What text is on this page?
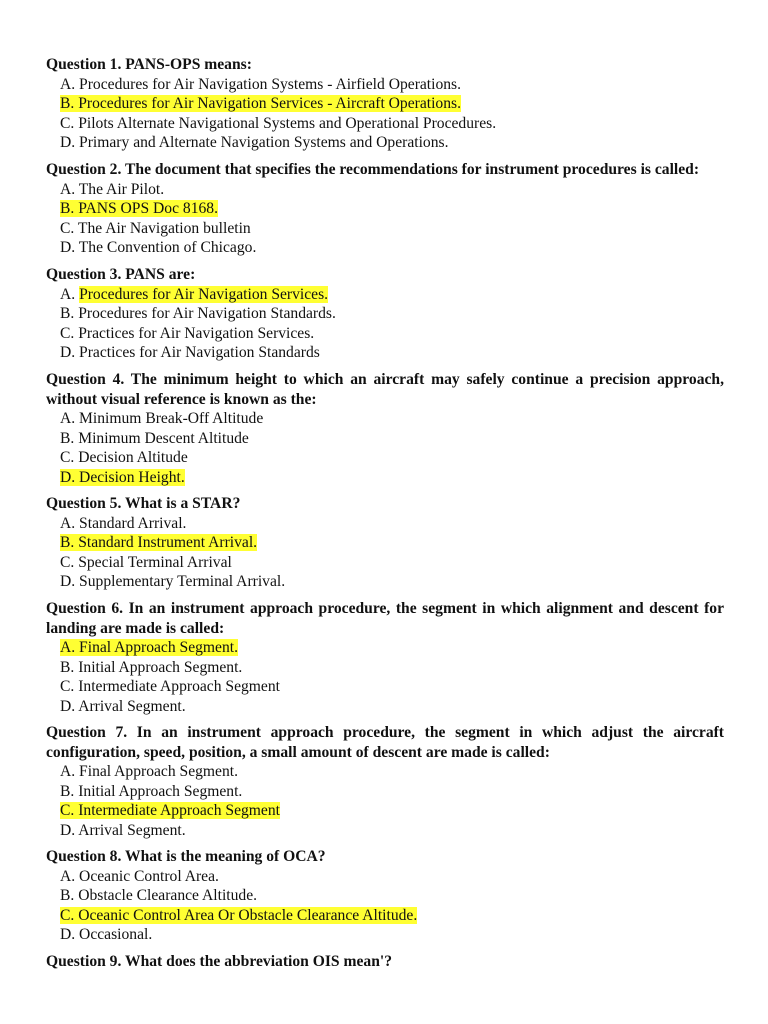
Question 1. PANS-OPS means:

A. Procedures for Air Navigation Systems - Airfield Operations.
B. Procedures for Air Navigation Services - Aircraft Operations.
C. Pilots Alternate Navigational Systems and Operational Procedures.
D. Primary and Alternate Navigation Systems and Operations.

Question 2. The document that specifies the recommendations for instrument procedures is called:

A. The Air Pilot.
B. PANS OPS Doc 8168.
C. The Air Navigation bulletin
D. The Convention of Chicago.

Question 3. PANS are:

A. Procedures for Air Navigation Services.
B. Procedures for Air Navigation Standards.
C. Practices for Air Navigation Services.
D. Practices for Air Navigation Standards

Question 4. The minimum height to which an aircraft may safely continue a precision approach, without visual reference is known as the:

A. Minimum Break-Off Altitude
B. Minimum Descent Altitude
C. Decision Altitude
D. Decision Height.

Question 5. What is a STAR?

A. Standard Arrival.
B. Standard Instrument Arrival.
C. Special Terminal Arrival
D. Supplementary Terminal Arrival.

Question 6. In an instrument approach procedure, the segment in which alignment and descent for landing are made is called:

A. Final Approach Segment.
B. Initial Approach Segment.
C. Intermediate Approach Segment
D. Arrival Segment.

Question 7. In an instrument approach procedure, the segment in which adjust the aircraft configuration, speed, position, a small amount of descent are made is called:

A. Final Approach Segment.
B. Initial Approach Segment.
C. Intermediate Approach Segment
D. Arrival Segment.

Question 8. What is the meaning of OCA?

A. Oceanic Control Area.
B. Obstacle Clearance Altitude.
C. Oceanic Control Area Or Obstacle Clearance Altitude.
D. Occasional.

Question 9. What does the abbreviation OIS mean'?
